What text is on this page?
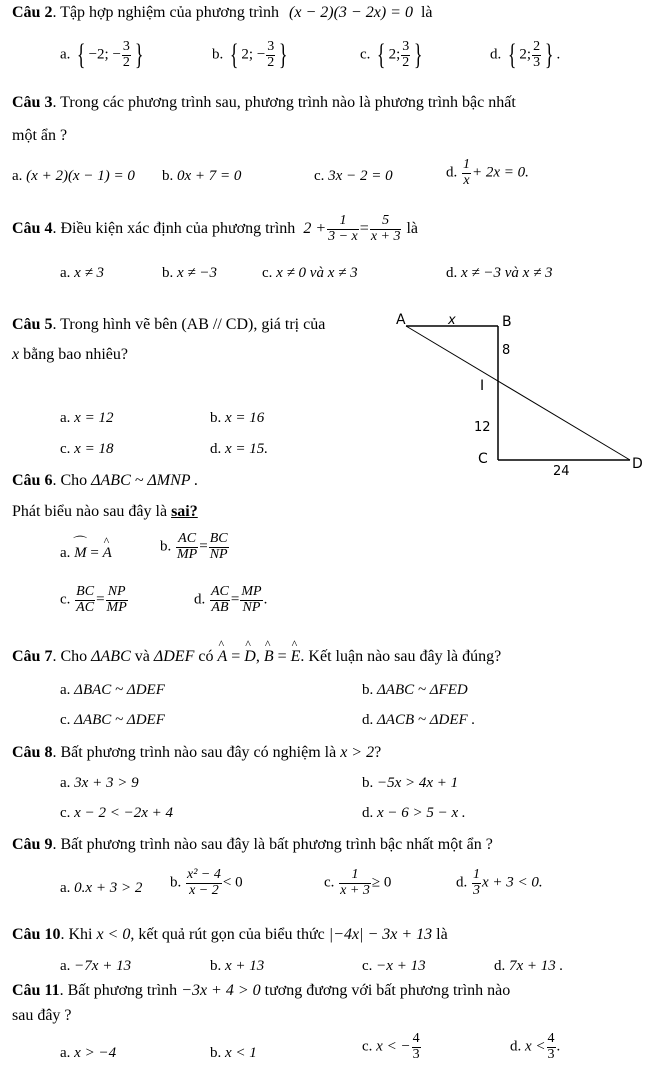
Câu 2. Tập hợp nghiệm của phương trình (x − 2)(3 − 2x) = 0 là
a. { −2; − $\frac{3}{2}$ }	b. { 2; − $\frac{3}{2}$ }	c. { 2; $\frac{3}{2}$ }	d. { 2; $\frac{2}{3}$ } .
Câu 3. Trong các phương trình sau, phương trình nào là phương trình bậc nhất
một ẩn ?
a. (x + 2)(x − 1) = 0 b. 0x + 7 = 0	c. 3x − 2 = 0	d. $\frac{1}{x} + 2x = 0$.
Câu 4. Điều kiện xác định của phương trình $2 + \frac{1}{3 - x} = \frac{5}{x + 3}$ là
a. x ≠ 3	b. x ≠ −3	c. x ≠ 0 và x ≠ 3	d. x ≠ −3 và x ≠ 3
Câu 5. Trong hình vẽ bên (AB // CD), giá trị của
x bằng bao nhiêu?
a. x = 12	b. x = 16
c. x = 18	d. x = 15.
A	B
C	D
I
x
8
12
24
Câu 6. Cho ΔABC ~ ΔMNP .
Phát biểu nào sau đây là sai?
a. ⌒ M = ^ A	b. $\frac{AC}{MP} = \frac{BC}{NP}$
c. $\frac{BC}{AC} = \frac{NP}{MP}$	d. $\frac{AC}{AB} = \frac{MP}{NP}$ .
Câu 7. Cho ΔABC và ΔDEF có ^ A = ^ D, ^ B = ^ E. Kết luận nào sau đây là đúng?
a. ΔBAC ~ ΔDEF	b. ΔABC ~ ΔFED
c. ΔABC ~ ΔDEF	d. ΔACB ~ ΔDEF .
Câu 8. Bất phương trình nào sau đây có nghiệm là x > 2?
a. 3x + 3 > 9	b. −5x > 4x + 1
c. x − 2 < −2x + 4	d. x − 6 > 5 − x .
Câu 9. Bất phương trình nào sau đây là bất phương trình bậc nhất một ẩn ?
a. 0.x + 3 > 2 b. $\frac{\text{x² − 4}}{x - 2} < 0$	c. $\frac{1}{x + 3} \ge 0$	d. $\frac{1}{3}$ x + 3 < 0.
Câu 10. Khi x < 0, kết quả rút gọn của biểu thức |−4x| − 3x + 13 là
a. −7x + 13	b. x + 13	c. −x + 13	d. 7x + 13 .
Câu 11. Bất phương trình −3x + 4 > 0 tương đương với bất phương trình nào
sau đây ?
a. x > −4	b. x < 1	c. x < − $\frac{4}{3}$	d. $x < \frac{4}{3}$ .
